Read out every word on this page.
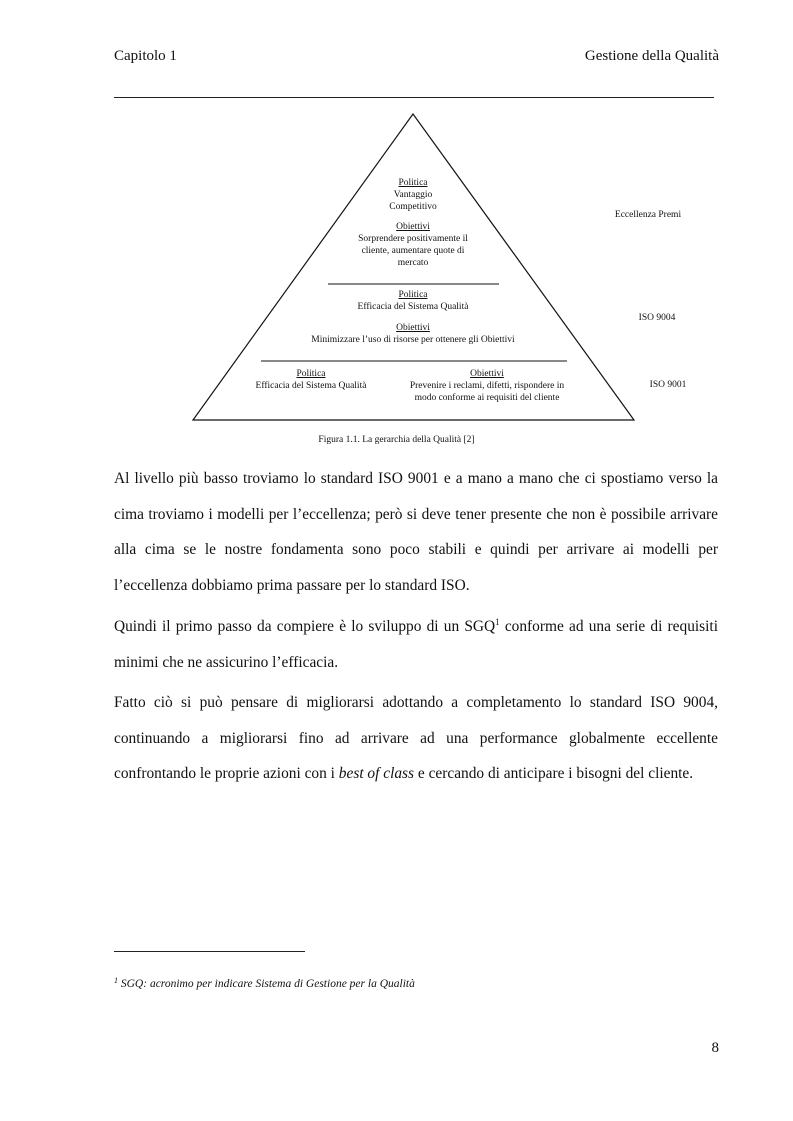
Capitolo 1	Gestione della Qualità
Politica
Vantaggio
Competitivo
Obiettivi
Sorprendere positivamente il
cliente, aumentare quote di
mercato
Politica
Efficacia del Sistema Qualità
Obiettivi
Minimizzare l’uso di risorse per ottenere gli Obiettivi
Politica
Efficacia del Sistema Qualità
Obiettivi
Prevenire i reclami, difetti, rispondere in
modo conforme ai requisiti del cliente
Eccellenza Premi
ISO 9004
ISO 9001
Figura 1.1. La gerarchia della Qualità [2]

Al livello più basso troviamo lo standard ISO 9001 e a mano a mano che ci spostiamo verso la cima troviamo i modelli per l’eccellenza; però si deve tener presente che non è possibile arrivare alla cima se le nostre fondamenta sono poco stabili e quindi per arrivare ai modelli per l’eccellenza dobbiamo prima passare per lo standard ISO.

Quindi il primo passo da compiere è lo sviluppo di un SGQ$^1$ conforme ad una serie di requisiti minimi che ne assicurino l’efficacia.

Fatto ciò si può pensare di migliorarsi adottando a completamento lo standard ISO 9004, continuando a migliorarsi fino ad arrivare ad una performance globalmente eccellente confrontando le proprie azioni con i best of class e cercando di anticipare i bisogni del cliente.

$^1$ SGQ: acronimo per indicare Sistema di Gestione per la Qualità
8
